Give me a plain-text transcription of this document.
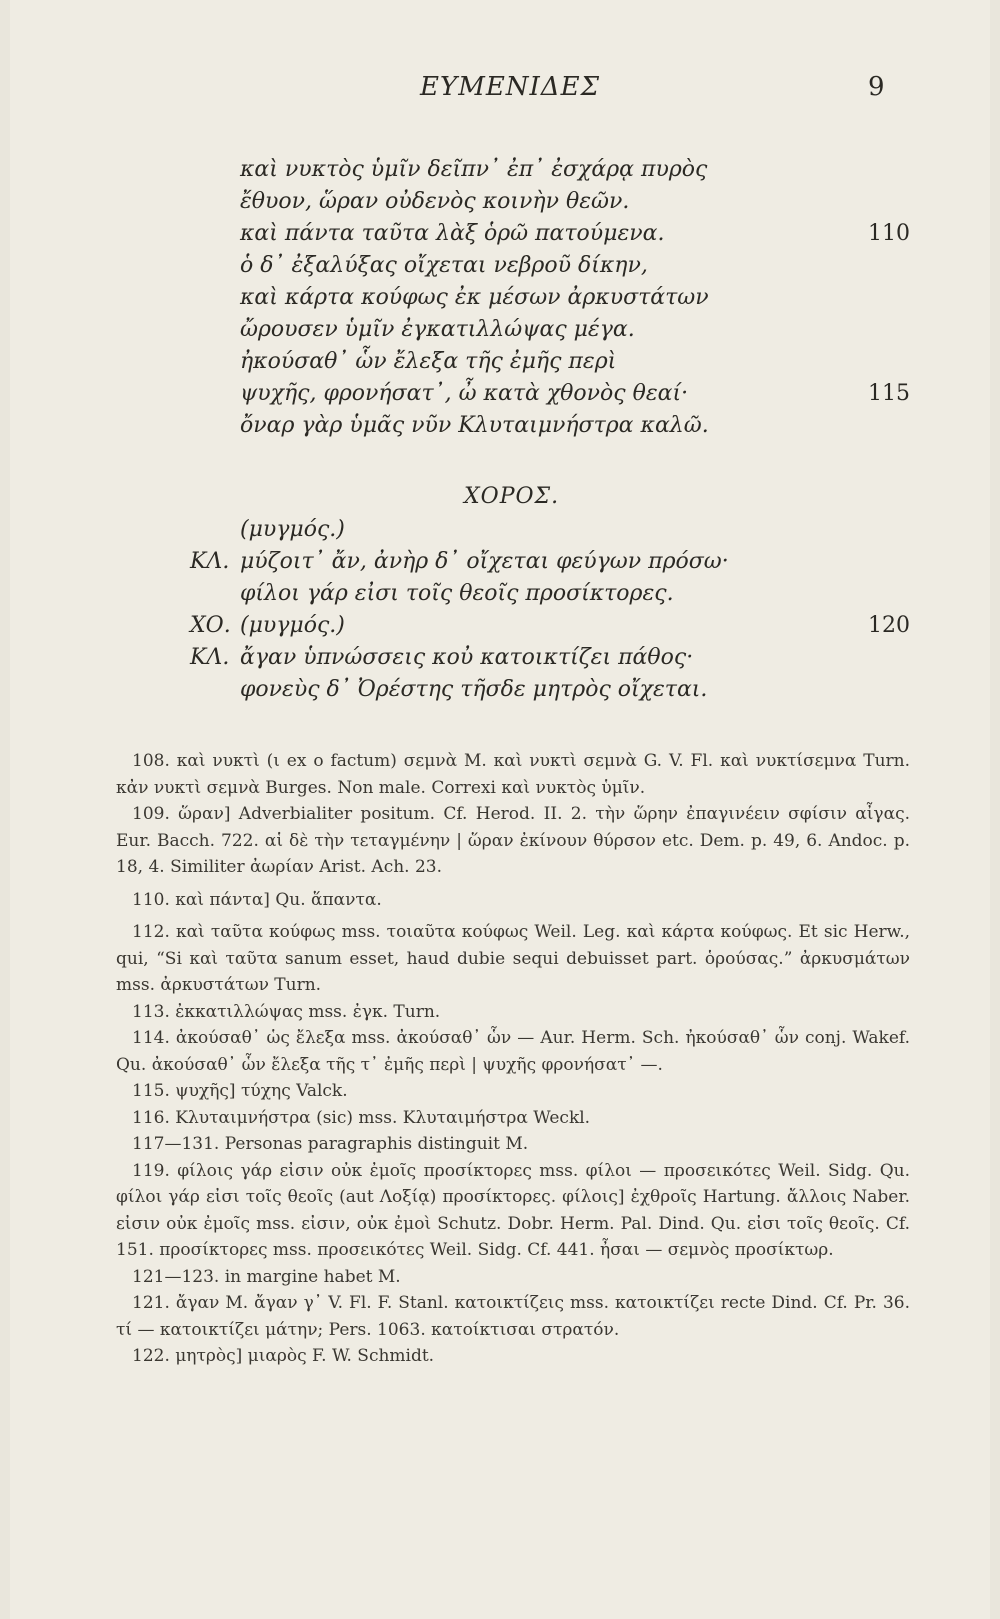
ΕΥΜΕΝΙΔΕΣ	9
καὶ νυκτὸς ὑμῖν δεῖπν᾽ ἐπ᾽ ἐσχάρᾳ πυρὸς
ἔθυον, ὥραν οὐδενὸς κοινὴν θεῶν.
καὶ πάντα ταῦτα λὰξ ὁρῶ πατούμενα.	110
ὁ δ᾽ ἐξαλύξας οἴχεται νεβροῦ δίκην,
καὶ κάρτα κούφως ἐκ μέσων ἀρκυστάτων
ὤρουσεν ὑμῖν ἐγκατιλλώψας μέγα.
ἠκούσαθ᾽ ὧν ἔλεξα τῆς ἐμῆς περὶ
ψυχῆς, φρονήσατ᾽, ὦ κατὰ χθονὸς θεαί·	115
ὄναρ γὰρ ὑμᾶς νῦν Κλυταιμνήστρα καλῶ.
ΧΟΡΟΣ.
(μυγμός.)
ΚΛ. μύζοιτ᾽ ἄν, ἀνὴρ δ᾽ οἴχεται φεύγων πρόσω·
φίλοι γάρ εἰσι τοῖς θεοῖς προσίκτορες.
ΧΟ. (μυγμός.)	120
ΚΛ. ἄγαν ὑπνώσσεις κοὐ κατοικτίζει πάθος·
φονεὺς δ᾽ Ὀρέστης τῆσδε μητρὸς οἴχεται.

108. καὶ νυκτὶ (ι ex ο factum) σεμνὰ M. καὶ νυκτὶ σεμνὰ G. V. Fl. καὶ νυκτίσεμνα Turn. κἀν νυκτὶ σεμνὰ Burges. Non male. Correxi καὶ νυκτὸς ὑμῖν.

109. ὥραν] Adverbialiter positum. Cf. Herod. II. 2. τὴν ὥρην ἐπαγινέειν σφίσιν αἶγας. Eur. Bacch. 722. αἱ δὲ τὴν τεταγμένην | ὥραν ἐκίνουν θύρσον etc. Dem. p. 49, 6. Andoc. p. 18, 4. Similiter ἀωρίαν Arist. Ach. 23.

110. καὶ πάντα] Qu. ἅπαντα.

112. καὶ ταῦτα κούφως mss. τοιαῦτα κούφως Weil. Leg. καὶ κάρτα κούφως. Et sic Herw., qui, “Si καὶ ταῦτα sanum esset, haud dubie sequi debuisset part. ὁρούσας.” ἀρκυσμάτων mss. ἀρκυστάτων Turn.

113. ἐκκατιλλώψας mss. ἐγκ. Turn.

114. ἀκούσαθ᾽ ὡς ἔλεξα mss. ἀκούσαθ᾽ ὧν — Aur. Herm. Sch. ἠκούσαθ᾽ ὧν conj. Wakef. Qu. ἀκούσαθ᾽ ὧν ἔλεξα τῆς τ᾽ ἐμῆς περὶ | ψυχῆς φρονήσατ᾽ —.

115. ψυχῆς] τύχης Valck.

116. Κλυταιμνήστρα (sic) mss. Κλυταιμήστρα Weckl.

117—131. Personas paragraphis distinguit M.

119. φίλοις γάρ εἰσιν οὐκ ἐμοῖς προσίκτορες mss. φίλοι — προσεικότες Weil. Sidg. Qu. φίλοι γάρ εἰσι τοῖς θεοῖς (aut Λοξίᾳ) προσίκτορες. φίλοις] ἐχθροῖς Hartung. ἄλλοις Naber. εἰσιν οὐκ ἐμοῖς mss. εἰσιν, οὐκ ἐμοὶ Schutz. Dobr. Herm. Pal. Dind. Qu. εἰσι τοῖς θεοῖς. Cf. 151. προσίκτορες mss. προσεικότες Weil. Sidg. Cf. 441. ἦσαι — σεμνὸς προσίκτωρ.

121—123. in margine habet M.

121. ἄγαν M. ἄγαν γ᾽ V. Fl. F. Stanl. κατοικτίζεις mss. κατοικτίζει recte Dind. Cf. Pr. 36. τί — κατοικτίζει μάτην; Pers. 1063. κατοίκτισαι στρατόν.

122. μητρὸς] μιαρὸς F. W. Schmidt.
